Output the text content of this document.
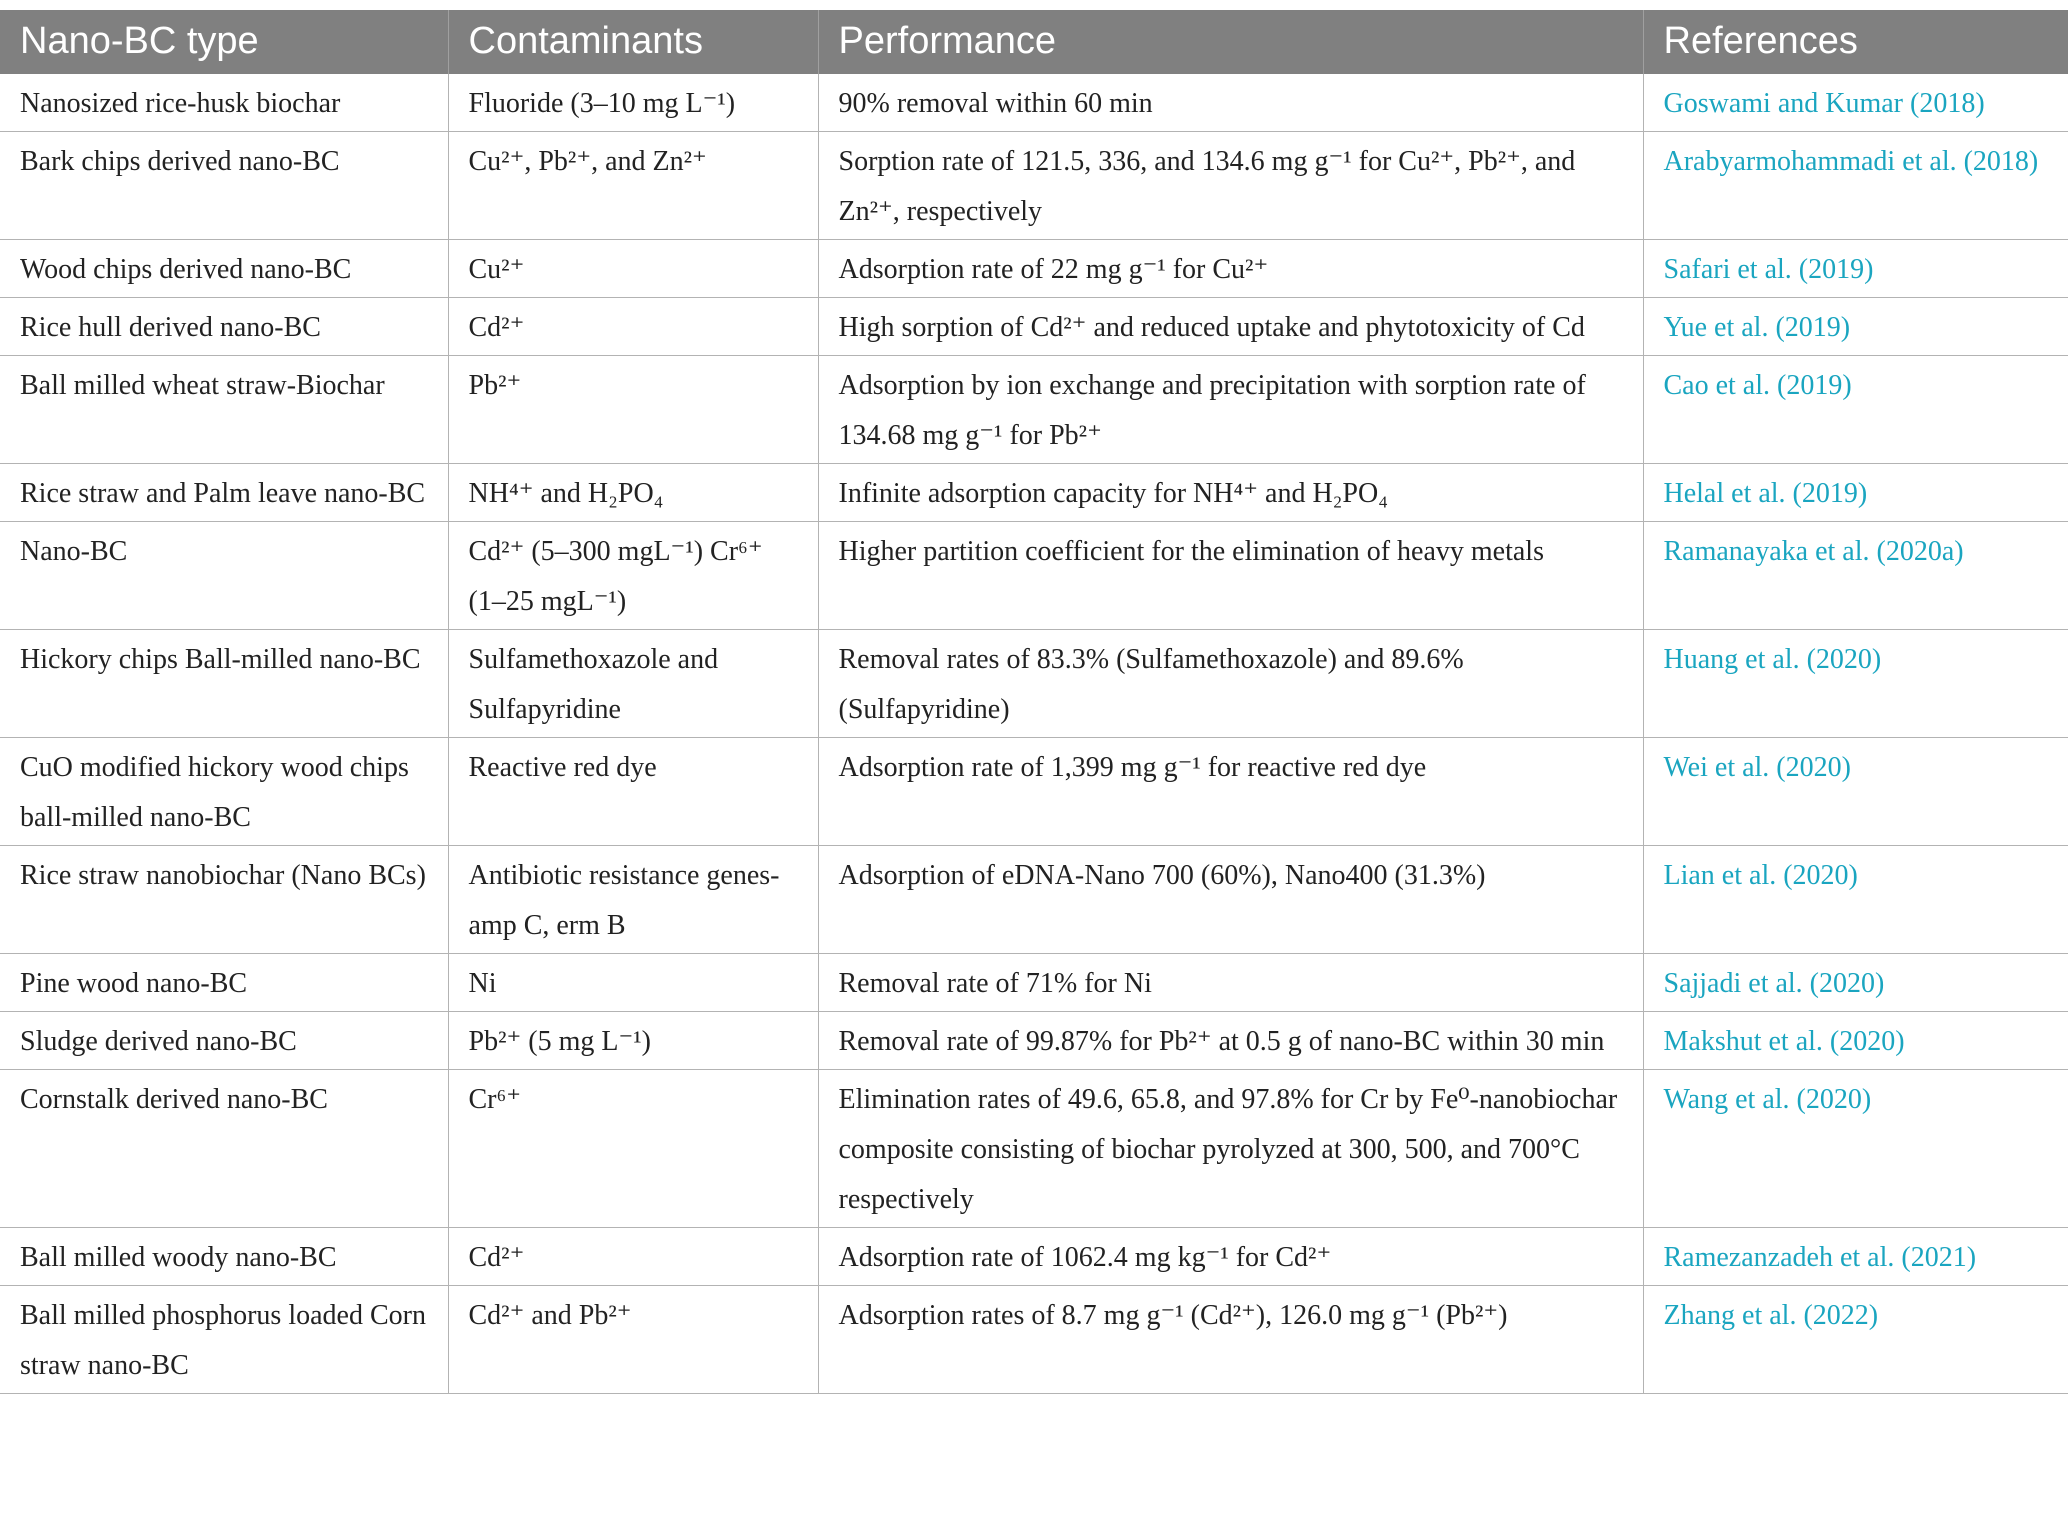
Nano-BC type	Contaminants	Performance	References
Nanosized rice-husk biochar	Fluoride (3–10 mg L⁻¹)	90% removal within 60 min	Goswami and Kumar (2018)
Bark chips derived nano-BC	Cu²⁺, Pb²⁺, and Zn²⁺	Sorption rate of 121.5, 336, and 134.6 mg g⁻¹ for Cu²⁺, Pb²⁺, and Zn²⁺, respectively	Arabyarmohammadi et al. (2018)
Wood chips derived nano-BC	Cu²⁺	Adsorption rate of 22 mg g⁻¹ for Cu²⁺	Safari et al. (2019)
Rice hull derived nano-BC	Cd²⁺	High sorption of Cd²⁺ and reduced uptake and phytotoxicity of Cd	Yue et al. (2019)
Ball milled wheat straw-Biochar	Pb²⁺	Adsorption by ion exchange and precipitation with sorption rate of 134.68 mg g⁻¹ for Pb²⁺	Cao et al. (2019)
Rice straw and Palm leave nano-BC	NH⁴⁺ and H₂PO₄	Infinite adsorption capacity for NH⁴⁺ and H₂PO₄	Helal et al. (2019)
Nano-BC	Cd²⁺ (5–300 mgL⁻¹) Cr⁶⁺ (1–25 mgL⁻¹)	Higher partition coefficient for the elimination of heavy metals	Ramanayaka et al. (2020a)
Hickory chips Ball-milled nano-BC	Sulfamethoxazole and Sulfapyridine	Removal rates of 83.3% (Sulfamethoxazole) and 89.6% (Sulfapyridine)	Huang et al. (2020)
CuO modified hickory wood chips ball-milled nano-BC	Reactive red dye	Adsorption rate of 1,399 mg g⁻¹ for reactive red dye	Wei et al. (2020)
Rice straw nanobiochar (Nano BCs)	Antibiotic resistance genes-amp C, erm B	Adsorption of eDNA-Nano 700 (60%), Nano400 (31.3%)	Lian et al. (2020)
Pine wood nano-BC	Ni	Removal rate of 71% for Ni	Sajjadi et al. (2020)
Sludge derived nano-BC	Pb²⁺ (5 mg L⁻¹)	Removal rate of 99.87% for Pb²⁺ at 0.5 g of nano-BC within 30 min	Makshut et al. (2020)
Cornstalk derived nano-BC	Cr⁶⁺	Elimination rates of 49.6, 65.8, and 97.8% for Cr by Fe⁰-nanobiochar composite consisting of biochar pyrolyzed at 300, 500, and 700°C respectively	Wang et al. (2020)
Ball milled woody nano-BC	Cd²⁺	Adsorption rate of 1062.4 mg kg⁻¹ for Cd²⁺	Ramezanzadeh et al. (2021)
Ball milled phosphorus loaded Corn straw nano-BC	Cd²⁺ and Pb²⁺	Adsorption rates of 8.7 mg g⁻¹ (Cd²⁺), 126.0 mg g⁻¹ (Pb²⁺)	Zhang et al. (2022)
